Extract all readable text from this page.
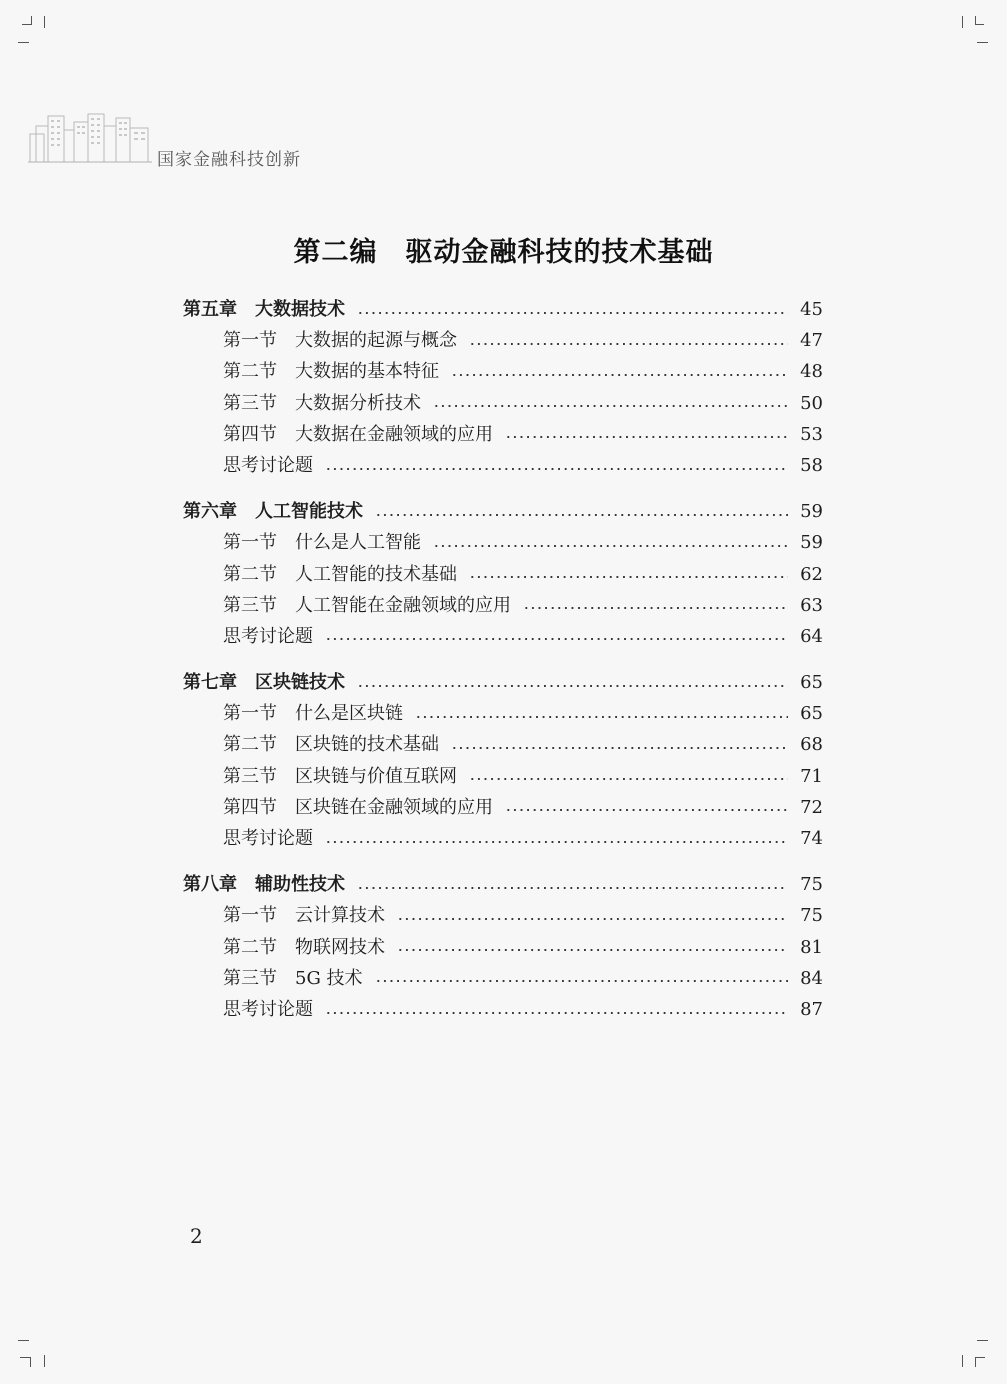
国家金融科技创新
第二编　驱动金融科技的技术基础
第五章　大数据技术	45
第一节　大数据的起源与概念	47
第二节　大数据的基本特征	48
第三节　大数据分析技术	50
第四节　大数据在金融领域的应用	53
思考讨论题	58
第六章　人工智能技术	59
第一节　什么是人工智能	59
第二节　人工智能的技术基础	62
第三节　人工智能在金融领域的应用	63
思考讨论题	64
第七章　区块链技术	65
第一节　什么是区块链	65
第二节　区块链的技术基础	68
第三节　区块链与价值互联网	71
第四节　区块链在金融领域的应用	72
思考讨论题	74
第八章　辅助性技术	75
第一节　云计算技术	75
第二节　物联网技术	81
第三节　5G 技术	84
思考讨论题	87
2
